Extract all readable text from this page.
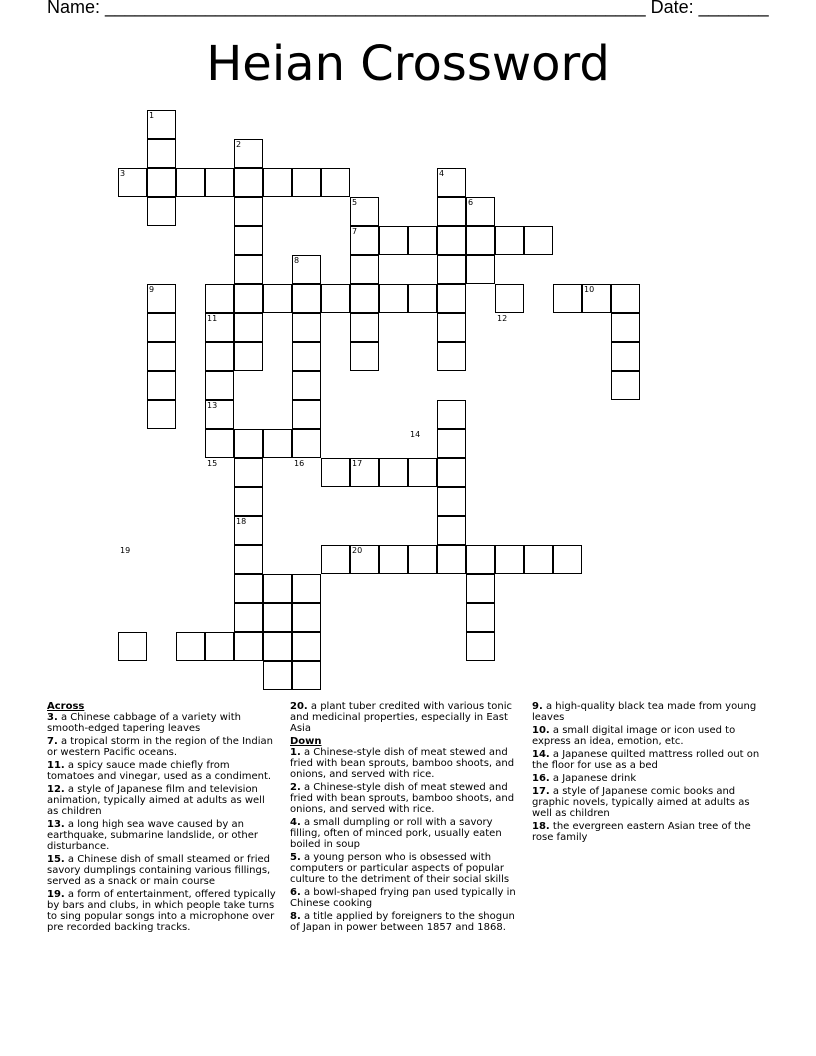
Name: ______________________________________________________ Date: _______
Heian Crossword
1
2
3	4
5	6
7
8
9	10
11	12
13
14
15	16	17
18
19	20
Across
3. a Chinese cabbage of a variety with smooth-edged tapering leaves
7. a tropical storm in the region of the Indian or western Pacific oceans.
11. a spicy sauce made chiefly from tomatoes and vinegar, used as a condiment.
12. a style of Japanese film and television animation, typically aimed at adults as well as children
13. a long high sea wave caused by an earthquake, submarine landslide, or other disturbance.
15. a Chinese dish of small steamed or fried savory dumplings containing various fillings, served as a snack or main course
19. a form of entertainment, offered typically by bars and clubs, in which people take turns to sing popular songs into a microphone over pre recorded backing tracks.
20. a plant tuber credited with various tonic and medicinal properties, especially in East Asia
Down
1. a Chinese-style dish of meat stewed and fried with bean sprouts, bamboo shoots, and onions, and served with rice.
2. a Chinese-style dish of meat stewed and fried with bean sprouts, bamboo shoots, and onions, and served with rice.
4. a small dumpling or roll with a savory filling, often of minced pork, usually eaten boiled in soup
5. a young person who is obsessed with computers or particular aspects of popular culture to the detriment of their social skills
6. a bowl-shaped frying pan used typically in Chinese cooking
8. a title applied by foreigners to the shogun of Japan in power between 1857 and 1868.
9. a high-quality black tea made from young leaves
10. a small digital image or icon used to express an idea, emotion, etc.
14. a Japanese quilted mattress rolled out on the floor for use as a bed
16. a Japanese drink
17. a style of Japanese comic books and graphic novels, typically aimed at adults as well as children
18. the evergreen eastern Asian tree of the rose family
